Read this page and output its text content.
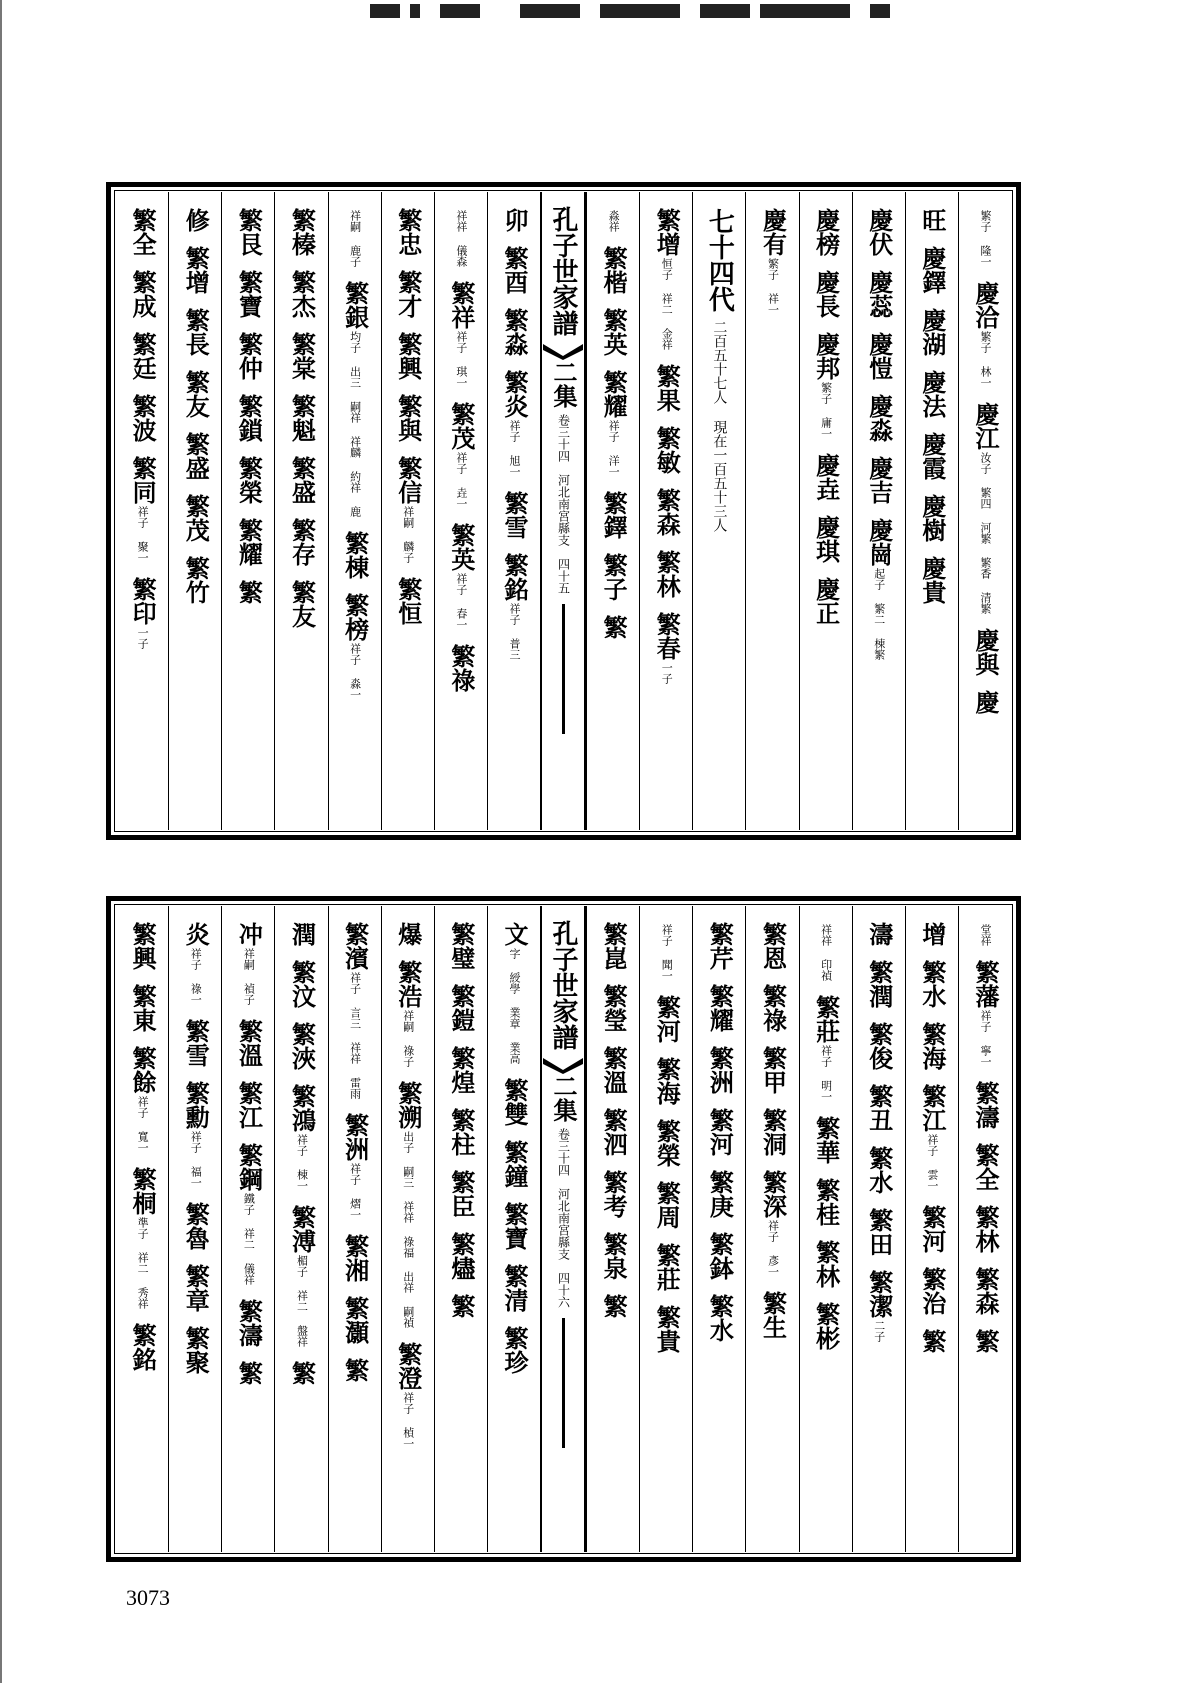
繁全
繁成
繁廷
繁波
繁同
祥子 聚一
繁印
一子
修
繁增
繁長
繁友
繁盛
繁茂
繁竹
繁艮
繁寶
繁仲
繁鎖
繁榮
繁耀
繁
繁榛
繁杰
繁棠
繁魁
繁盛
繁存
繁友
祥嗣 鹿子
繁銀
均子 出三 嗣祥 祥麟 約祥 鹿
繁棟
繁榜
祥子 淼一
繁忠
繁才
繁興
繁與
繁信
祥嗣 麟子
繁恒
祥祥 儀森
繁祥
祥子 琪一
繁茂
祥子 垚一
繁英
祥子 春一
繁祿
卯
繁酉
繁淼
繁炎
祥子 旭一
繁雪
繁銘
祥子 普三
孔子世家譜
二集
卷三十四　河北南宮縣支　四十五
淼祥
繁楷
繁英
繁耀
祥子 洋一
繁鐸
繁子
繁
繁增
恒子 祥二 金祥
繁果
繁敏
繁森
繁林
繁春
一子
七十四代
二百五十七人 現在一百五十三人
慶有
繁子 祥一
慶榜
慶長
慶邦
繁子 庸一
慶垚
慶琪
慶正
慶伏
慶蕊
慶愷
慶淼
慶吉
慶崗
起子 繁二 棟繁
旺
慶鐸
慶湖
慶法
慶霞
慶樹
慶貴
繁子 隆一
慶洽
繁子 林一
慶江
汝子 繁四 河繁 繁香 清繁
慶與
慶
繁興
繁東
繁餘
祥子 寬一
繁桐
準子 祥二 秀祥
繁銘
炎
祥子 祿一
繁雪
繁勳
祥子 福一
繁魯
繁章
繁聚
冲
祥嗣 禎子
繁溫
繁江
繁鋼
鐵子 祥二 儀祥
繁濤
繁
潤
繁汶
繁浹
繁鴻
祥子 棟一
繁溥
楣子 祥二 盤祥
繁
繁濱
祥子 言三 祥祥 雷雨
繁洲
祥子 熠一
繁湘
繁灝
繁
爆
繁浩
祥嗣 祿子
繁溯
出子 嗣三 祥祥 祿福 出祥 嗣禎
繁澄
祥子 楨一
繁璧
繁鎧
繁煌
繁柱
繁臣
繁燼
繁
文
字 綬學 業章 業高
繁雙
繁鐘
繁寶
繁清
繁珍
孔子世家譜
二集
卷三十四　河北南宮縣支　四十六
繁崑
繁瑩
繁溫
繁泗
繁考
繁泉
繁
祥子 聞一
繁河
繁海
繁榮
繁周
繁莊
繁貴
繁芹
繁耀
繁洲
繁河
繁庚
繁鉢
繁水
繁恩
繁祿
繁甲
繁洞
繁深
祥子 彥一
繁生
祥祥 印禎
繁莊
祥子 明一
繁華
繁桂
繁林
繁彬
濤
繁潤
繁俊
繁丑
繁水
繁田
繁潔
二子
增
繁水
繁海
繁江
祥子 雲一
繁河
繁治
繁
堂祥
繁藩
祥子 寧一
繁濤
繁全
繁林
繁森
繁
3073
